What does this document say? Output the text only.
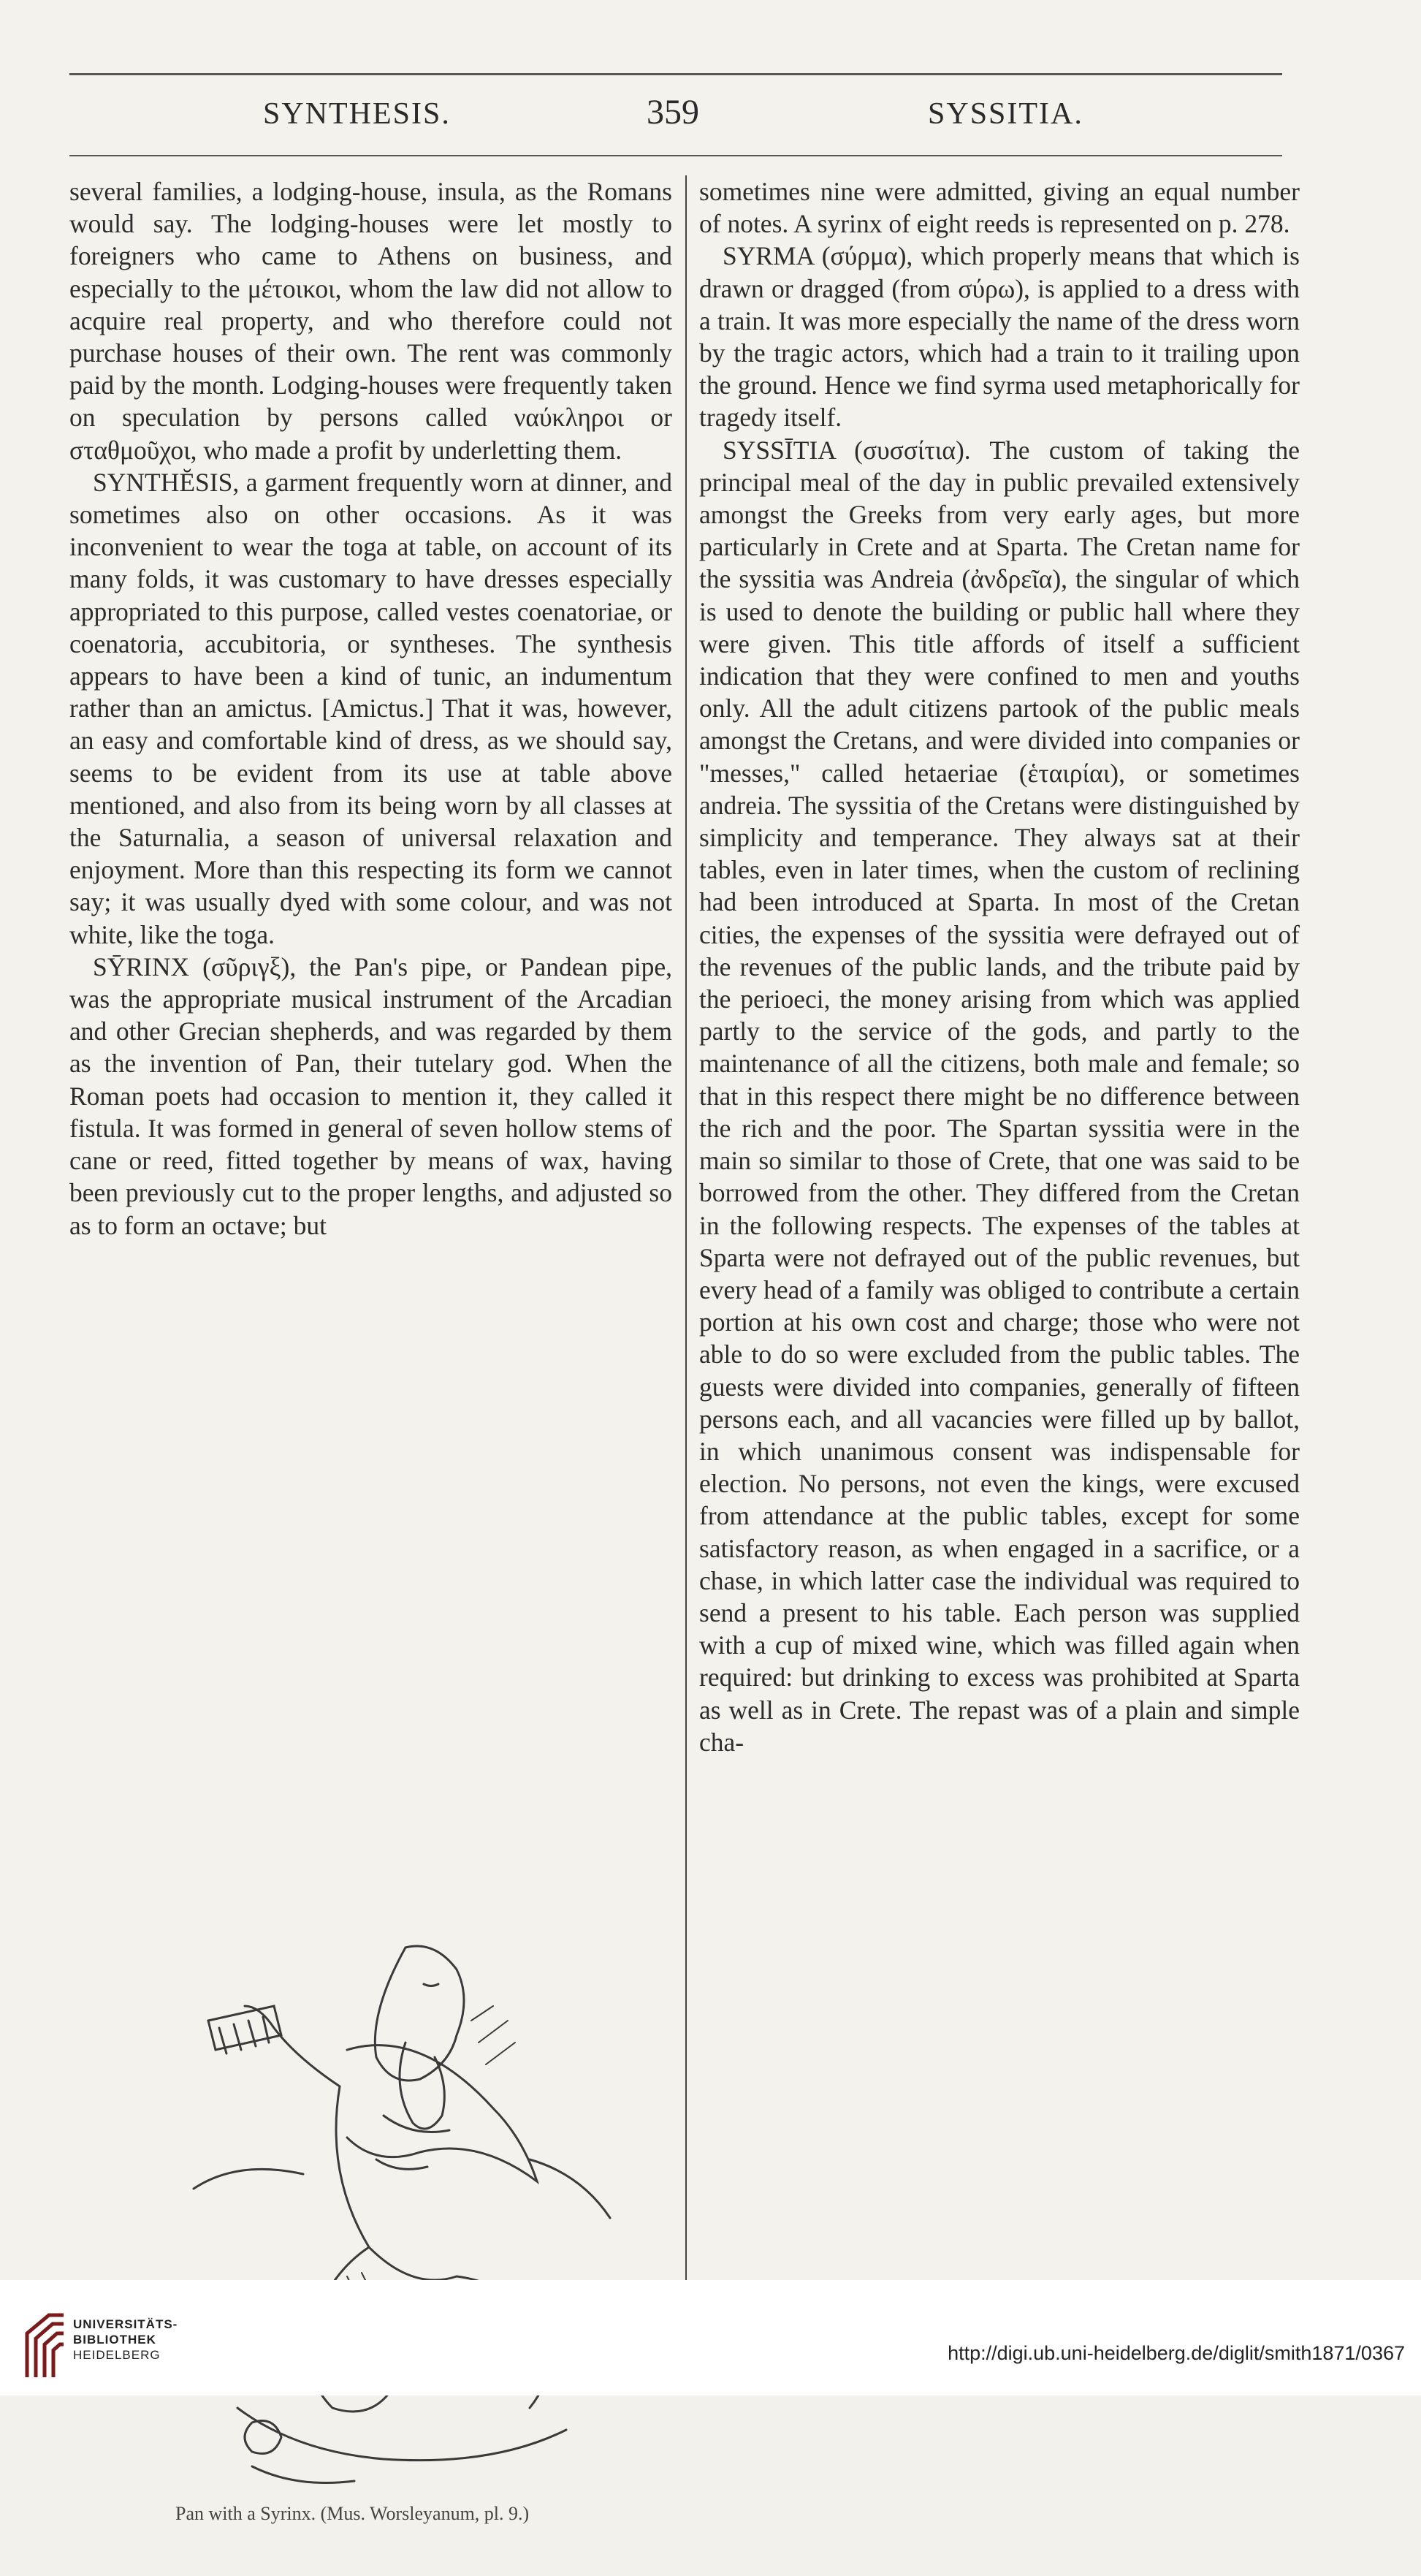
SYNTHESIS.	359	SYSSITIA.

several families, a lodging-house, insula, as the Romans would say. The lodging-houses were let mostly to foreigners who came to Athens on business, and especially to the μέτοικοι, whom the law did not allow to acquire real property, and who therefore could not purchase houses of their own. The rent was commonly paid by the month. Lodging-houses were frequently taken on speculation by persons called ναύκληροι or σταθμοῦχοι, who made a profit by underletting them.

SYNTHĔSIS, a garment frequently worn at dinner, and sometimes also on other occasions. As it was inconvenient to wear the toga at table, on account of its many folds, it was customary to have dresses especially appropriated to this purpose, called vestes coenatoriae, or coenatoria, accubitoria, or syntheses. The synthesis appears to have been a kind of tunic, an indumentum rather than an amictus. [Amictus.] That it was, however, an easy and comfortable kind of dress, as we should say, seems to be evident from its use at table above mentioned, and also from its being worn by all classes at the Saturnalia, a season of universal relaxation and enjoyment. More than this respecting its form we cannot say; it was usually dyed with some colour, and was not white, like the toga.

SȲRINX (σῦριγξ), the Pan's pipe, or Pandean pipe, was the appropriate musical instrument of the Arcadian and other Grecian shepherds, and was regarded by them as the invention of Pan, their tutelary god. When the Roman poets had occasion to mention it, they called it fistula. It was formed in general of seven hollow stems of cane or reed, fitted together by means of wax, having been previously cut to the proper lengths, and adjusted so as to form an octave; but

Pan with a Syrinx. (Mus. Worsleyanum, pl. 9.)

sometimes nine were admitted, giving an equal number of notes. A syrinx of eight reeds is represented on p. 278.

SYRMA (σύρμα), which properly means that which is drawn or dragged (from σύρω), is applied to a dress with a train. It was more especially the name of the dress worn by the tragic actors, which had a train to it trailing upon the ground. Hence we find syrma used metaphorically for tragedy itself.

SYSSĪTIA (συσσίτια). The custom of taking the principal meal of the day in public prevailed extensively amongst the Greeks from very early ages, but more particularly in Crete and at Sparta. The Cretan name for the syssitia was Andreia (ἀνδρεῖα), the singular of which is used to denote the building or public hall where they were given. This title affords of itself a sufficient indication that they were confined to men and youths only. All the adult citizens partook of the public meals amongst the Cretans, and were divided into companies or "messes," called hetaeriae (ἑταιρίαι), or sometimes andreia. The syssitia of the Cretans were distinguished by simplicity and temperance. They always sat at their tables, even in later times, when the custom of reclining had been introduced at Sparta. In most of the Cretan cities, the expenses of the syssitia were defrayed out of the revenues of the public lands, and the tribute paid by the perioeci, the money arising from which was applied partly to the service of the gods, and partly to the maintenance of all the citizens, both male and female; so that in this respect there might be no difference between the rich and the poor. The Spartan syssitia were in the main so similar to those of Crete, that one was said to be borrowed from the other. They differed from the Cretan in the following respects. The expenses of the tables at Sparta were not defrayed out of the public revenues, but every head of a family was obliged to contribute a certain portion at his own cost and charge; those who were not able to do so were excluded from the public tables. The guests were divided into companies, generally of fifteen persons each, and all vacancies were filled up by ballot, in which unanimous consent was indispensable for election. No persons, not even the kings, were excused from attendance at the public tables, except for some satisfactory reason, as when engaged in a sacrifice, or a chase, in which latter case the individual was required to send a present to his table. Each person was supplied with a cup of mixed wine, which was filled again when required: but drinking to excess was prohibited at Sparta as well as in Crete. The repast was of a plain and simple cha-

UNIVERSITÄTS-
BIBLIOTHEK
HEIDELBERG	http://digi.ub.uni-heidelberg.de/diglit/smith1871/0367
